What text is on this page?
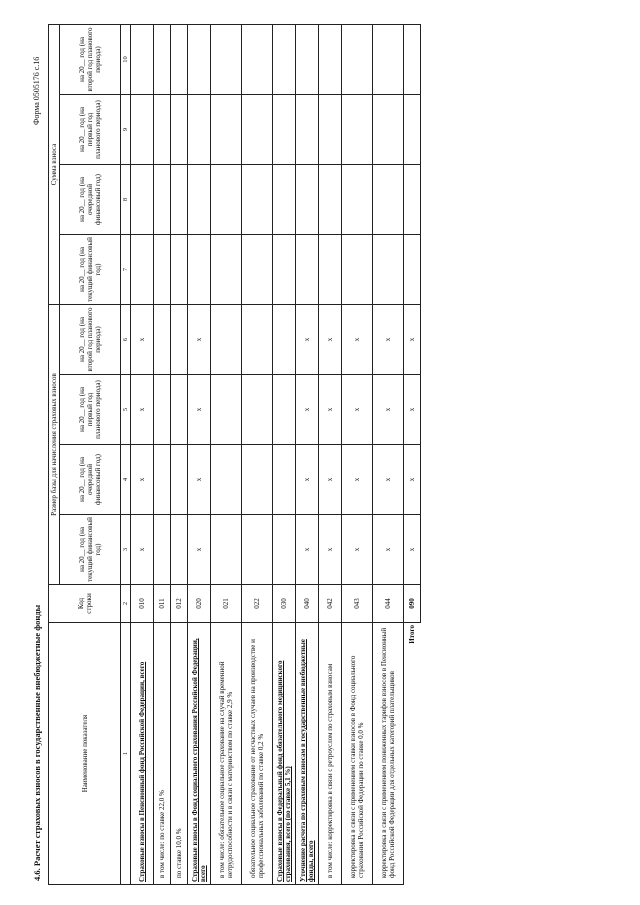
4.6. Расчет страховых взносов в государственные внебюджетные фонды
Форма 0505176 с.16
Наименование показателя	Код строки	Размер базы для начисления страховых взносов				Сумма взноса			
		на 20__ год (на текущий финансовый год)	на 20__ год (на очередной финансовый год)	на 20__ год (на первый год планового периода)	на 20__ год (на второй год планового периода)	на 20__ год (на текущий финансовый год)	на 20__ год (на очередной финансовый год)	на 20__ год (на первый год планового периода)	на 20__ год (на второй год планового периода)
1	2	3	4	5	6	7	8	9	10
Страховые взносы в Пенсионный фонд Российской Федерации, всего	010	x	x	x	x				
в том числе: по ставке 22,0 %	011								
по ставке 10,0 %	012								
Страховые взносы в Фонд социального страхования Российской Федерации, всего	020	x	x	x	x				
в том числе: обязательное социальное страхование на случай временной нетрудоспособности и в связи с материнством по ставке 2,9 %	021								
обязательное социальное страхование от несчастных случаев на производстве и профессиональных заболеваний по ставке 0,2 %	022								
Страховые взносы в Федеральный фонд обязательного медицинского страхования, всего (по ставке 5,1 %)	030								
Уточнение расчета по страховым взносам в государственные внебюджетные фонды, всего	040	x	x	x	x				
в том числе: корректировка в связи с ретроуслом по страховым взносам	042	x	x	x	x				
корректировка в связи с применением ставки взносов в Фонд социального страхования Российской Федерации по ставке 0,0 %	043	x	x	x	x				
корректировка в связи с применением пониженных тарифов взносов в Пенсионный фонд Российской Федерации для отдельных категорий плательщиков	044	x	x	x	x				
Итого	090	x	x	x	x				
